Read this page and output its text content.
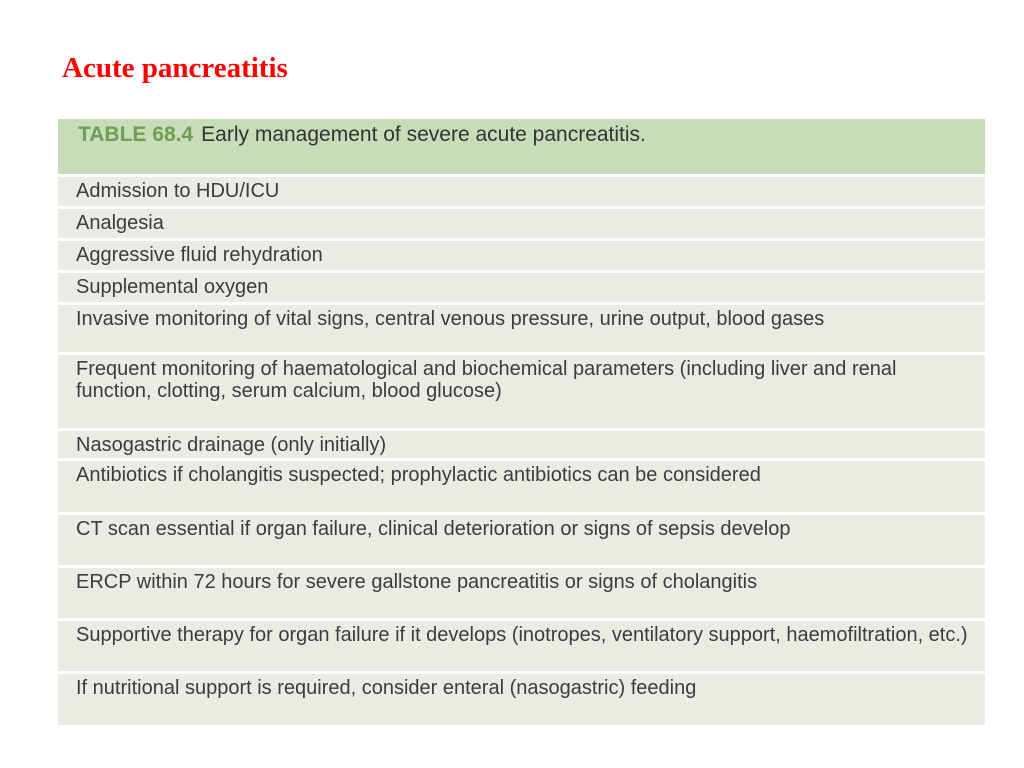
Acute pancreatitis
TABLE 68.4 Early management of severe acute pancreatitis.
Admission to HDU/ICU
Analgesia
Aggressive fluid rehydration
Supplemental oxygen
Invasive monitoring of vital signs, central venous pressure, urine output, blood gases
Frequent monitoring of haematological and biochemical parameters (including liver and renal function, clotting, serum calcium, blood glucose)
Nasogastric drainage (only initially)
Antibiotics if cholangitis suspected; prophylactic antibiotics can be considered
CT scan essential if organ failure, clinical deterioration or signs of sepsis develop
ERCP within 72 hours for severe gallstone pancreatitis or signs of cholangitis
Supportive therapy for organ failure if it develops (inotropes, ventilatory support, haemofiltration, etc.)
If nutritional support is required, consider enteral (nasogastric) feeding
